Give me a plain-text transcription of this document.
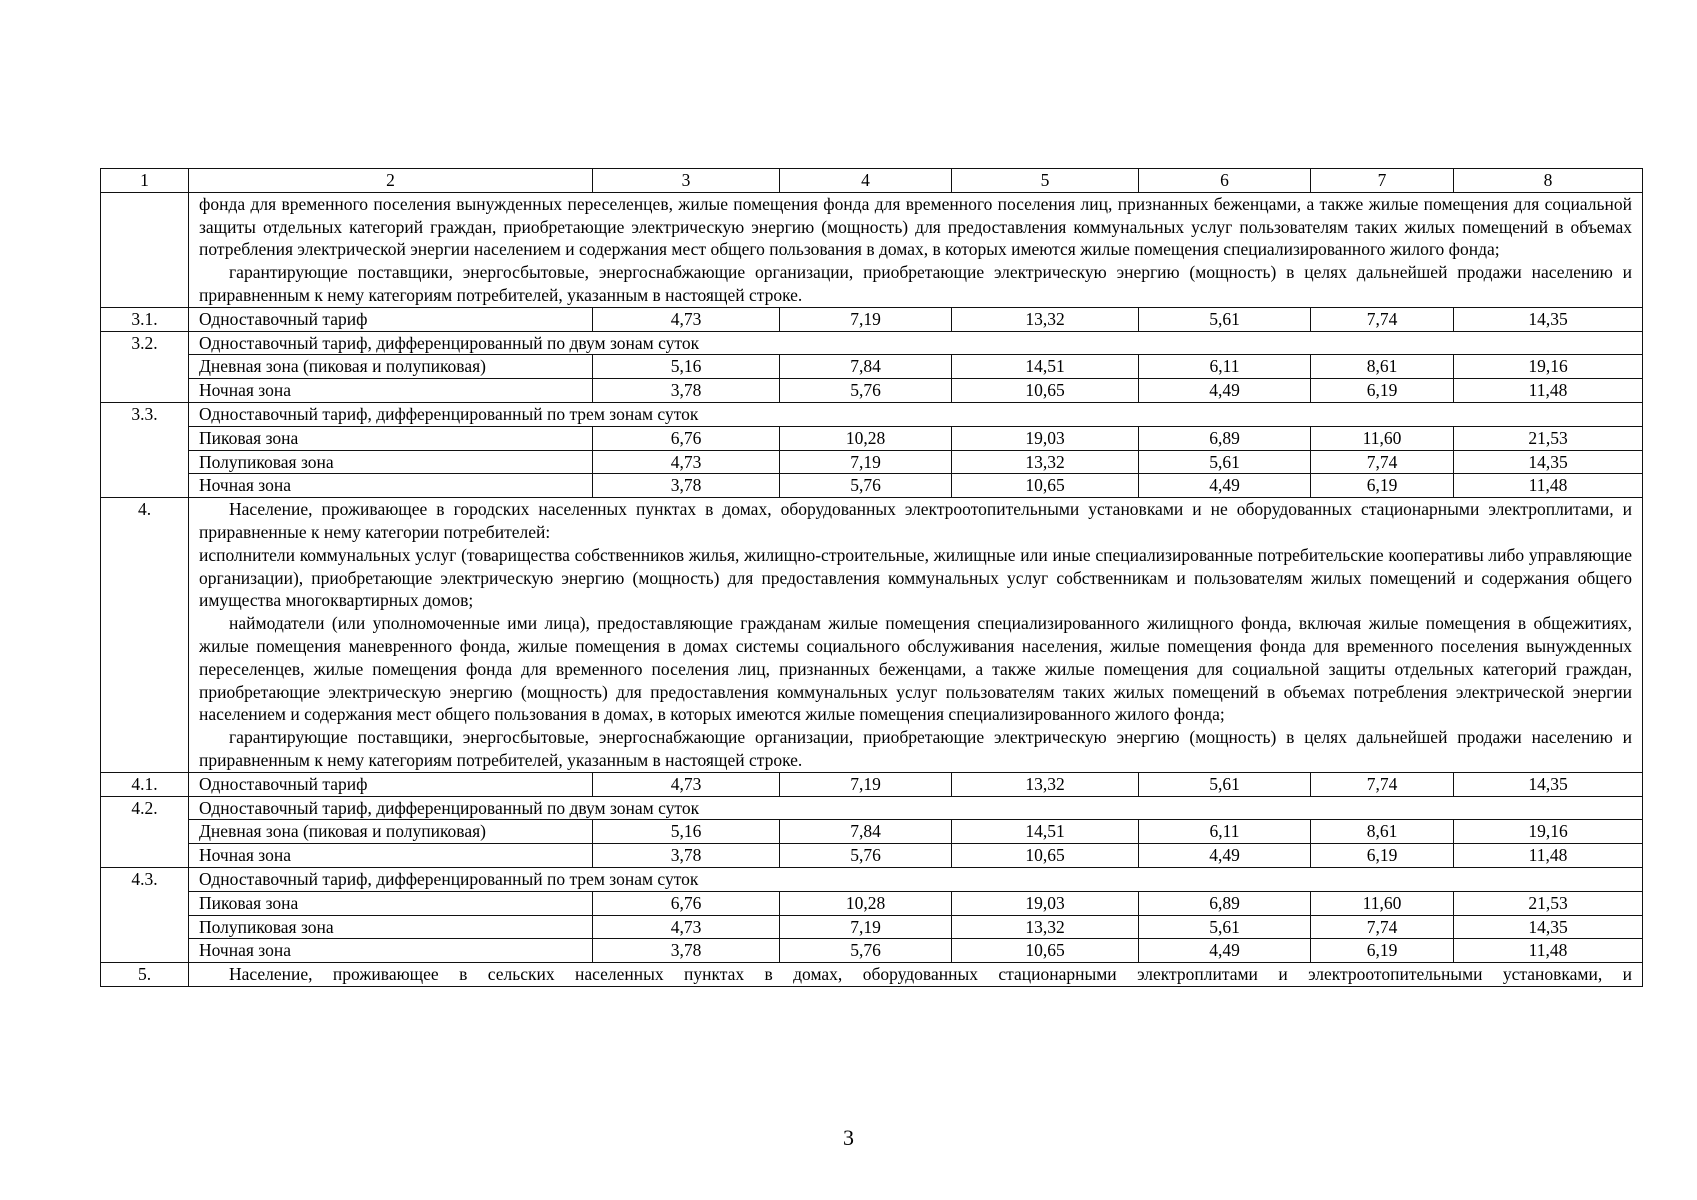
1	2	3	4	5	6	7	8

	фонда для временного поселения вынужденных переселенцев, жилые помещения фонда для временного поселения лиц, признанных беженцами, а также жилые помещения для социальной защиты отдельных категорий граждан, приобретающие электрическую энергию (мощность) для предоставления коммунальных услуг пользователям таких жилых помещений в объемах потребления электрической энергии населением и содержания мест общего пользования в домах, в которых имеются жилые помещения специализированного жилого фонда;

гарантирующие поставщики, энергосбытовые, энергоснабжающие организации, приобретающие электрическую энергию (мощность) в целях дальнейшей продажи населению и приравненным к нему категориям потребителей, указанным в настоящей строке.						

3.1.	Одноставочный тариф	4,73	7,19	13,32	5,61	7,74	14,35
3.2.	Одноставочный тариф, дифференцированный по двум зонам суток						
	Дневная зона (пиковая и полупиковая)	5,16	7,84	14,51	6,11	8,61	19,16
	Ночная зона	3,78	5,76	10,65	4,49	6,19	11,48
3.3.	Одноставочный тариф, дифференцированный по трем зонам суток						
	Пиковая зона	6,76	10,28	19,03	6,89	11,60	21,53
	Полупиковая зона	4,73	7,19	13,32	5,61	7,74	14,35
	Ночная зона	3,78	5,76	10,65	4,49	6,19	11,48
4.	Население, проживающее в городских населенных пунктах в домах, оборудованных электроотопительными установками и не оборудованных стационарными электроплитами, и приравненные к нему категории потребителей:

исполнители коммунальных услуг (товарищества собственников жилья, жилищно-строительные, жилищные или иные специализированные потребительские кооперативы либо управляющие организации), приобретающие электрическую энергию (мощность) для предоставления коммунальных услуг собственникам и пользователям жилых помещений и содержания общего имущества многоквартирных домов;

наймодатели (или уполномоченные ими лица), предоставляющие гражданам жилые помещения специализированного жилищного фонда, включая жилые помещения в общежитиях, жилые помещения маневренного фонда, жилые помещения в домах системы социального обслуживания населения, жилые помещения фонда для временного поселения вынужденных переселенцев, жилые помещения фонда для временного поселения лиц, признанных беженцами, а также жилые помещения для социальной защиты отдельных категорий граждан, приобретающие электрическую энергию (мощность) для предоставления коммунальных услуг пользователям таких жилых помещений в объемах потребления электрической энергии населением и содержания мест общего пользования в домах, в которых имеются жилые помещения специализированного жилого фонда;

гарантирующие поставщики, энергосбытовые, энергоснабжающие организации, приобретающие электрическую энергию (мощность) в целях дальнейшей продажи населению и приравненным к нему категориям потребителей, указанным в настоящей строке.						

4.1.	Одноставочный тариф	4,73	7,19	13,32	5,61	7,74	14,35
4.2.	Одноставочный тариф, дифференцированный по двум зонам суток						
	Дневная зона (пиковая и полупиковая)	5,16	7,84	14,51	6,11	8,61	19,16
	Ночная зона	3,78	5,76	10,65	4,49	6,19	11,48
4.3.	Одноставочный тариф, дифференцированный по трем зонам суток						
	Пиковая зона	6,76	10,28	19,03	6,89	11,60	21,53
	Полупиковая зона	4,73	7,19	13,32	5,61	7,74	14,35
	Ночная зона	3,78	5,76	10,65	4,49	6,19	11,48
5.	Население, проживающее в сельских населенных пунктах в домах, оборудованных стационарными электроплитами и электроотопительными установками, и						

3
